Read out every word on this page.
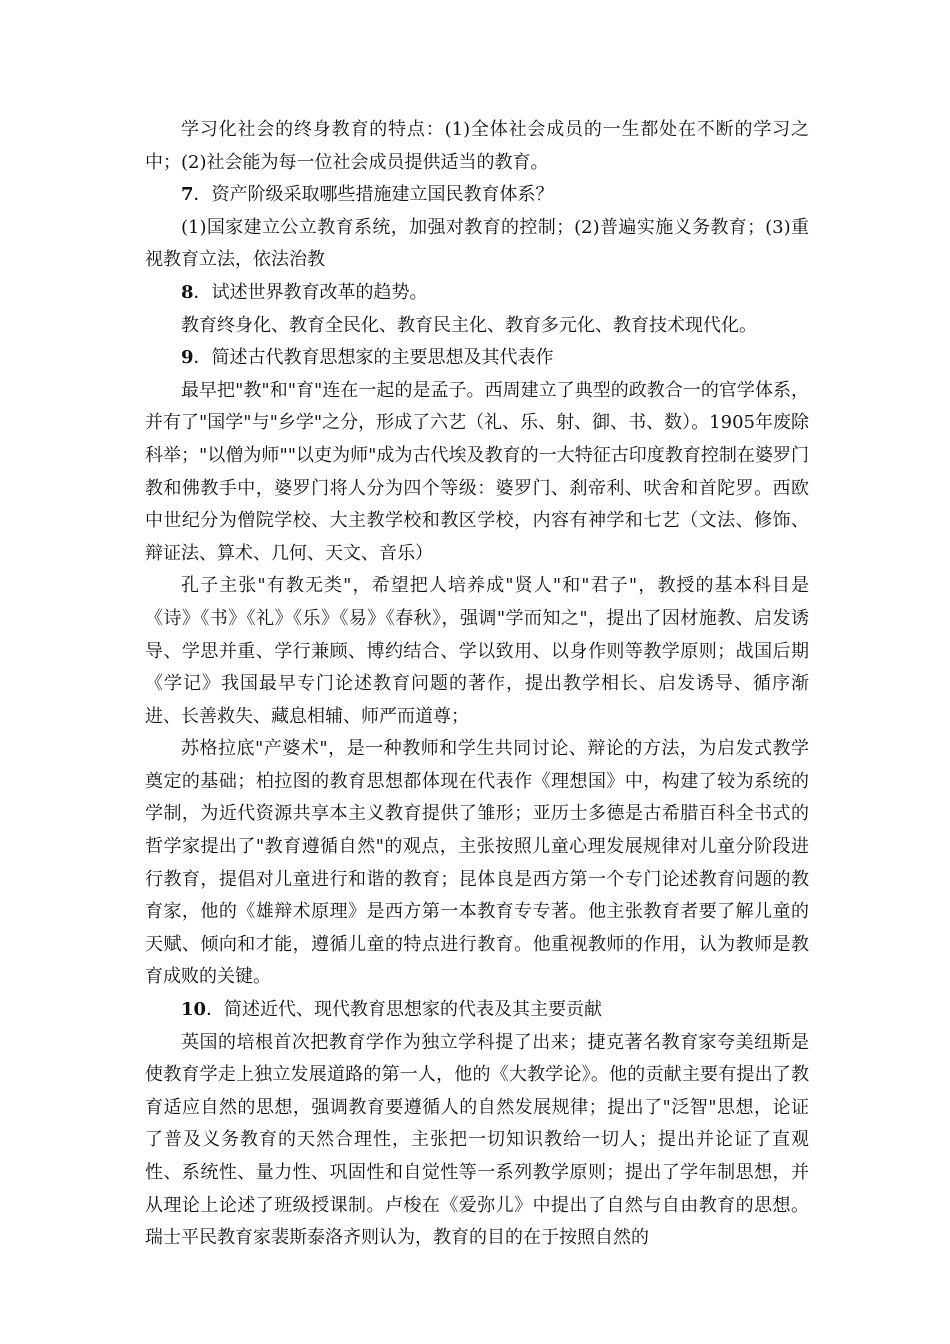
学习化社会的终身教育的特点：(1)全体社会成员的一生都处在不断的学习之中；(2)社会能为每一位社会成员提供适当的教育。

7．资产阶级采取哪些措施建立国民教育体系？

(1)国家建立公立教育系统，加强对教育的控制；(2)普遍实施义务教育；(3)重视教育立法，依法治教

8．试述世界教育改革的趋势。

教育终身化、教育全民化、教育民主化、教育多元化、教育技术现代化。

9．简述古代教育思想家的主要思想及其代表作

最早把"教"和"育"连在一起的是孟子。西周建立了典型的政教合一的官学体系，并有了"国学"与"乡学"之分，形成了六艺（礼、乐、射、御、书、数）。1905年废除科举；"以僧为师""以吏为师"成为古代埃及教育的一大特征古印度教育控制在婆罗门教和佛教手中，婆罗门将人分为四个等级：婆罗门、刹帝利、吠舍和首陀罗。西欧中世纪分为僧院学校、大主教学校和教区学校，内容有神学和七艺（文法、修饰、辩证法、算术、几何、天文、音乐）

孔子主张"有教无类"，希望把人培养成"贤人"和"君子"，教授的基本科目是《诗》《书》《礼》《乐》《易》《春秋》，强调"学而知之"，提出了因材施教、启发诱导、学思并重、学行兼顾、博约结合、学以致用、以身作则等教学原则；战国后期《学记》我国最早专门论述教育问题的著作，提出教学相长、启发诱导、循序渐进、长善救失、藏息相辅、师严而道尊；

苏格拉底"产婆术"，是一种教师和学生共同讨论、辩论的方法，为启发式教学奠定的基础；柏拉图的教育思想都体现在代表作《理想国》中，构建了较为系统的学制，为近代资源共享本主义教育提供了雏形；亚历士多德是古希腊百科全书式的哲学家提出了"教育遵循自然"的观点，主张按照儿童心理发展规律对儿童分阶段进行教育，提倡对儿童进行和谐的教育；昆体良是西方第一个专门论述教育问题的教育家，他的《雄辩术原理》是西方第一本教育专专著。他主张教育者要了解儿童的天赋、倾向和才能，遵循儿童的特点进行教育。他重视教师的作用，认为教师是教育成败的关键。

10．简述近代、现代教育思想家的代表及其主要贡献

英国的培根首次把教育学作为独立学科提了出来；捷克著名教育家夸美纽斯是使教育学走上独立发展道路的第一人，他的《大教学论》。他的贡献主要有提出了教育适应自然的思想，强调教育要遵循人的自然发展规律；提出了"泛智"思想，论证了普及义务教育的天然合理性，主张把一切知识教给一切人；提出并论证了直观性、系统性、量力性、巩固性和自觉性等一系列教学原则；提出了学年制思想，并从理论上论述了班级授课制。卢梭在《爱弥儿》中提出了自然与自由教育的思想。瑞士平民教育家裴斯泰洛齐则认为，教育的目的在于按照自然的
